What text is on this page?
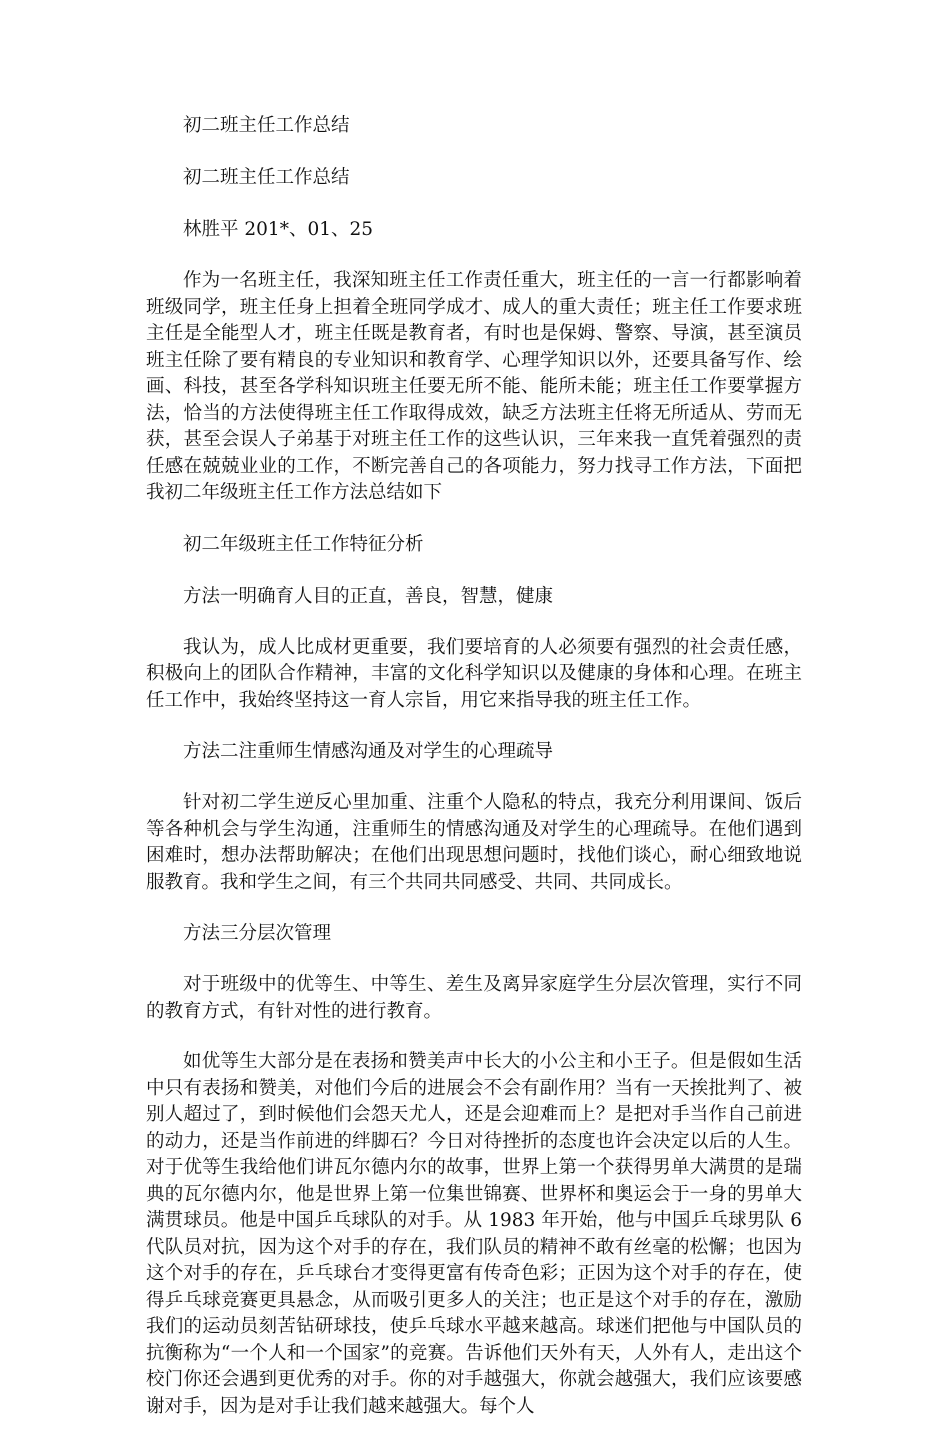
初二班主任工作总结
初二班主任工作总结
林胜平 201*、01、25

作为一名班主任，我深知班主任工作责任重大，班主任的一言一行都影响着班级同学，班主任身上担着全班同学成才、成人的重大责任；班主任工作要求班主任是全能型人才，班主任既是教育者，有时也是保姆、警察、导演，甚至演员班主任除了要有精良的专业知识和教育学、心理学知识以外，还要具备写作、绘画、科技，甚至各学科知识班主任要无所不能、能所未能；班主任工作要掌握方法，恰当的方法使得班主任工作取得成效，缺乏方法班主任将无所适从、劳而无获，甚至会误人子弟基于对班主任工作的这些认识，三年来我一直凭着强烈的责任感在兢兢业业的工作，不断完善自己的各项能力，努力找寻工作方法，下面把我初二年级班主任工作方法总结如下

初二年级班主任工作特征分析
方法一明确育人目的正直，善良，智慧，健康

我认为，成人比成材更重要，我们要培育的人必须要有强烈的社会责任感，积极向上的团队合作精神，丰富的文化科学知识以及健康的身体和心理。在班主任工作中，我始终坚持这一育人宗旨，用它来指导我的班主任工作。

方法二注重师生情感沟通及对学生的心理疏导

针对初二学生逆反心里加重、注重个人隐私的特点，我充分利用课间、饭后等各种机会与学生沟通，注重师生的情感沟通及对学生的心理疏导。在他们遇到困难时，想办法帮助解决；在他们出现思想问题时，找他们谈心，耐心细致地说服教育。我和学生之间，有三个共同共同感受、共同、共同成长。

方法三分层次管理

对于班级中的优等生、中等生、差生及离异家庭学生分层次管理，实行不同的教育方式，有针对性的进行教育。

如优等生大部分是在表扬和赞美声中长大的小公主和小王子。但是假如生活中只有表扬和赞美，对他们今后的进展会不会有副作用？当有一天挨批判了、被别人超过了，到时候他们会怨天尤人，还是会迎难而上？是把对手当作自己前进的动力，还是当作前进的绊脚石？今日对待挫折的态度也许会决定以后的人生。对于优等生我给他们讲瓦尔德内尔的故事，世界上第一个获得男单大满贯的是瑞典的瓦尔德内尔，他是世界上第一位集世锦赛、世界杯和奥运会于一身的男单大满贯球员。他是中国乒乓球队的对手。从 1983 年开始，他与中国乒乓球男队 6 代队员对抗，因为这个对手的存在，我们队员的精神不敢有丝毫的松懈；也因为这个对手的存在，乒乓球台才变得更富有传奇色彩；正因为这个对手的存在，使得乒乓球竞赛更具悬念，从而吸引更多人的关注；也正是这个对手的存在，激励我们的运动员刻苦钻研球技，使乒乓球水平越来越高。球迷们把他与中国队员的抗衡称为“一个人和一个国家”的竞赛。告诉他们天外有天，人外有人，走出这个校门你还会遇到更优秀的对手。你的对手越强大，你就会越强大，我们应该要感谢对手，因为是对手让我们越来越强大。每个人
